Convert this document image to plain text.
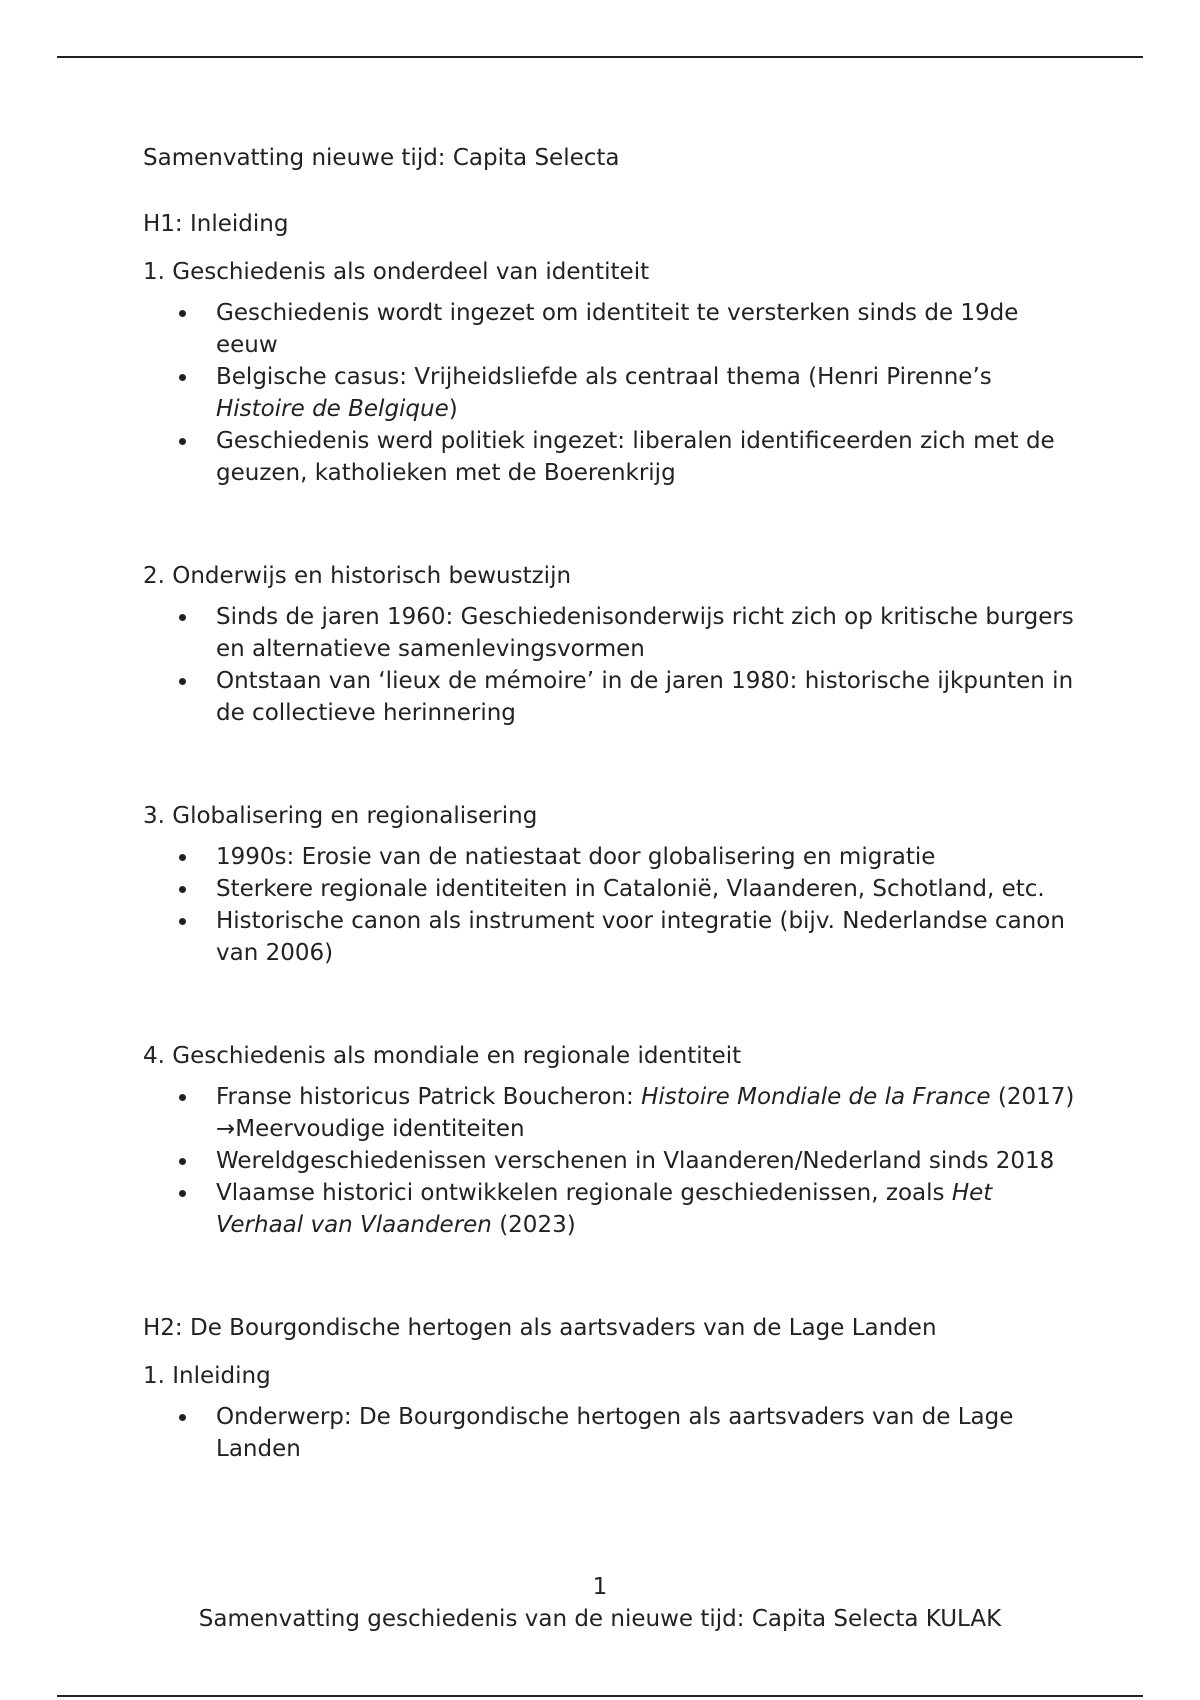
Samenvatting nieuwe tijd: Capita Selecta
H1: Inleiding
1. Geschiedenis als onderdeel van identiteit
Geschiedenis wordt ingezet om identiteit te versterken sinds de 19de eeuw
Belgische casus: Vrijheidsliefde als centraal thema (Henri Pirenne’s Histoire de Belgique)
Geschiedenis werd politiek ingezet: liberalen identificeerden zich met de geuzen, katholieken met de Boerenkrijg
2. Onderwijs en historisch bewustzijn
Sinds de jaren 1960: Geschiedenisonderwijs richt zich op kritische burgers en alternatieve samenlevingsvormen
Ontstaan van ‘lieux de mémoire’ in de jaren 1980: historische ijkpunten in de collectieve herinnering
3. Globalisering en regionalisering
1990s: Erosie van de natiestaat door globalisering en migratie
Sterkere regionale identiteiten in Catalonië, Vlaanderen, Schotland, etc.
Historische canon als instrument voor integratie (bijv. Nederlandse canon van 2006)
4. Geschiedenis als mondiale en regionale identiteit
Franse historicus Patrick Boucheron: Histoire Mondiale de la France (2017) →Meervoudige identiteiten
Wereldgeschiedenissen verschenen in Vlaanderen/Nederland sinds 2018
Vlaamse historici ontwikkelen regionale geschiedenissen, zoals Het Verhaal van Vlaanderen (2023)
H2: De Bourgondische hertogen als aartsvaders van de Lage Landen
1. Inleiding
Onderwerp: De Bourgondische hertogen als aartsvaders van de Lage Landen
1
Samenvatting geschiedenis van de nieuwe tijd: Capita Selecta KULAK
